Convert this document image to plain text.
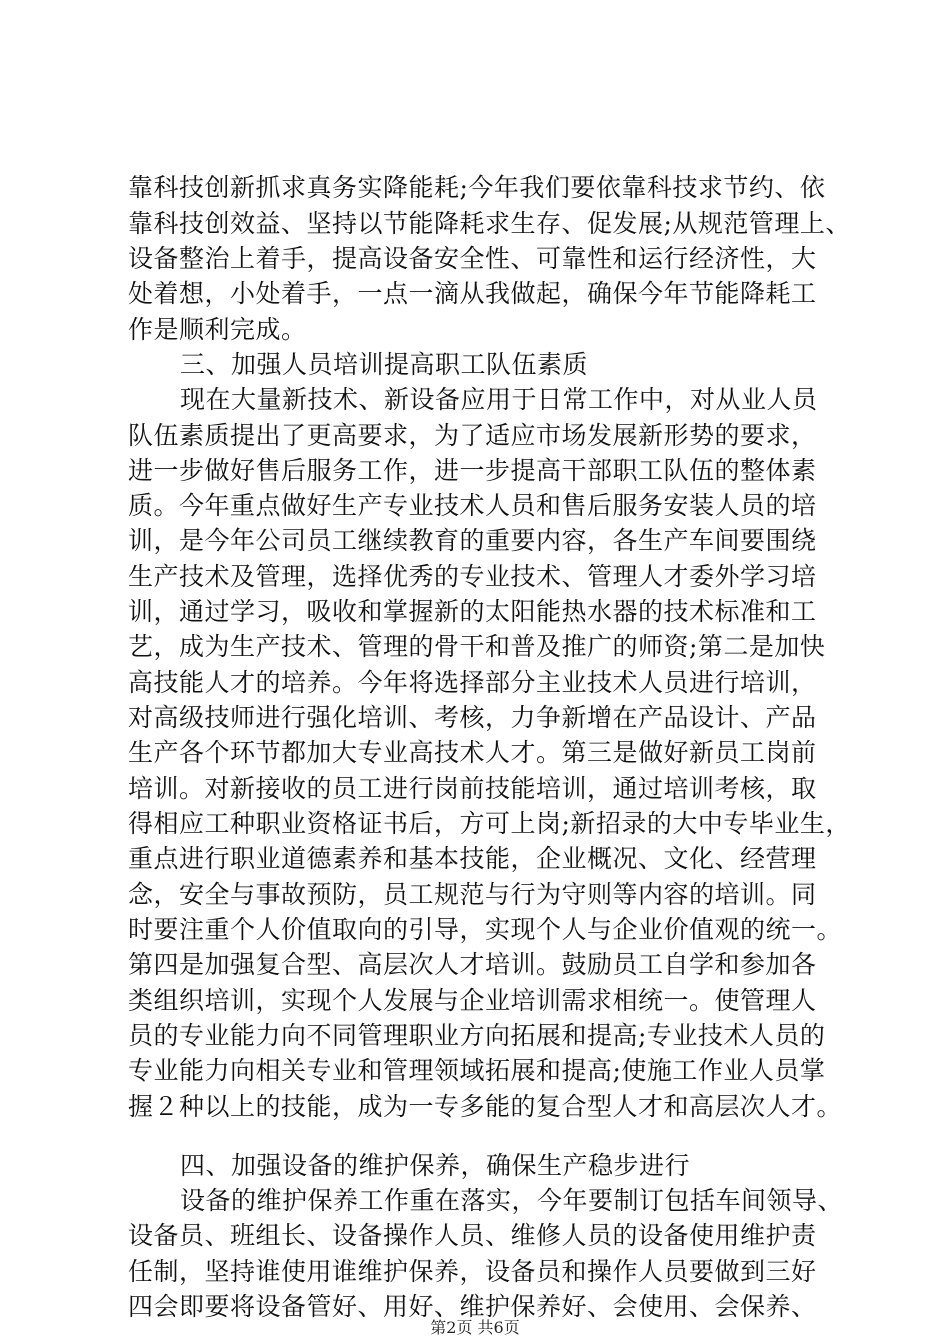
靠科技创新抓求真务实降能耗;今年我们要依靠科技求节约、依
靠科技创效益、坚持以节能降耗求生存、促发展;从规范管理上、
设备整治上着手，提高设备安全性、可靠性和运行经济性，大
处着想，小处着手，一点一滴从我做起，确保今年节能降耗工
作是顺利完成。
三、加强人员培训提高职工队伍素质
现在大量新技术、新设备应用于日常工作中，对从业人员
队伍素质提出了更高要求，为了适应市场发展新形势的要求，
进一步做好售后服务工作，进一步提高干部职工队伍的整体素
质。今年重点做好生产专业技术人员和售后服务安装人员的培
训，是今年公司员工继续教育的重要内容，各生产车间要围绕
生产技术及管理，选择优秀的专业技术、管理人才委外学习培
训，通过学习，吸收和掌握新的太阳能热水器的技术标准和工
艺，成为生产技术、管理的骨干和普及推广的师资;第二是加快
高技能人才的培养。今年将选择部分主业技术人员进行培训，
对高级技师进行强化培训、考核，力争新增在产品设计、产品
生产各个环节都加大专业高技术人才。第三是做好新员工岗前
培训。对新接收的员工进行岗前技能培训，通过培训考核，取
得相应工种职业资格证书后，方可上岗;新招录的大中专毕业生，
重点进行职业道德素养和基本技能，企业概况、文化、经营理
念，安全与事故预防，员工规范与行为守则等内容的培训。同
时要注重个人价值取向的引导，实现个人与企业价值观的统一。
第四是加强复合型、高层次人才培训。鼓励员工自学和参加各
类组织培训，实现个人发展与企业培训需求相统一。使管理人
员的专业能力向不同管理职业方向拓展和提高;专业技术人员的
专业能力向相关专业和管理领域拓展和提高;使施工作业人员掌
握２种以上的技能，成为一专多能的复合型人才和高层次人才。
四、加强设备的维护保养，确保生产稳步进行
设备的维护保养工作重在落实，今年要制订包括车间领导、
设备员、班组长、设备操作人员、维修人员的设备使用维护责
任制，坚持谁使用谁维护保养，设备员和操作人员要做到三好
四会即要将设备管好、用好、维护保养好、会使用、会保养、
第2页 共6页
